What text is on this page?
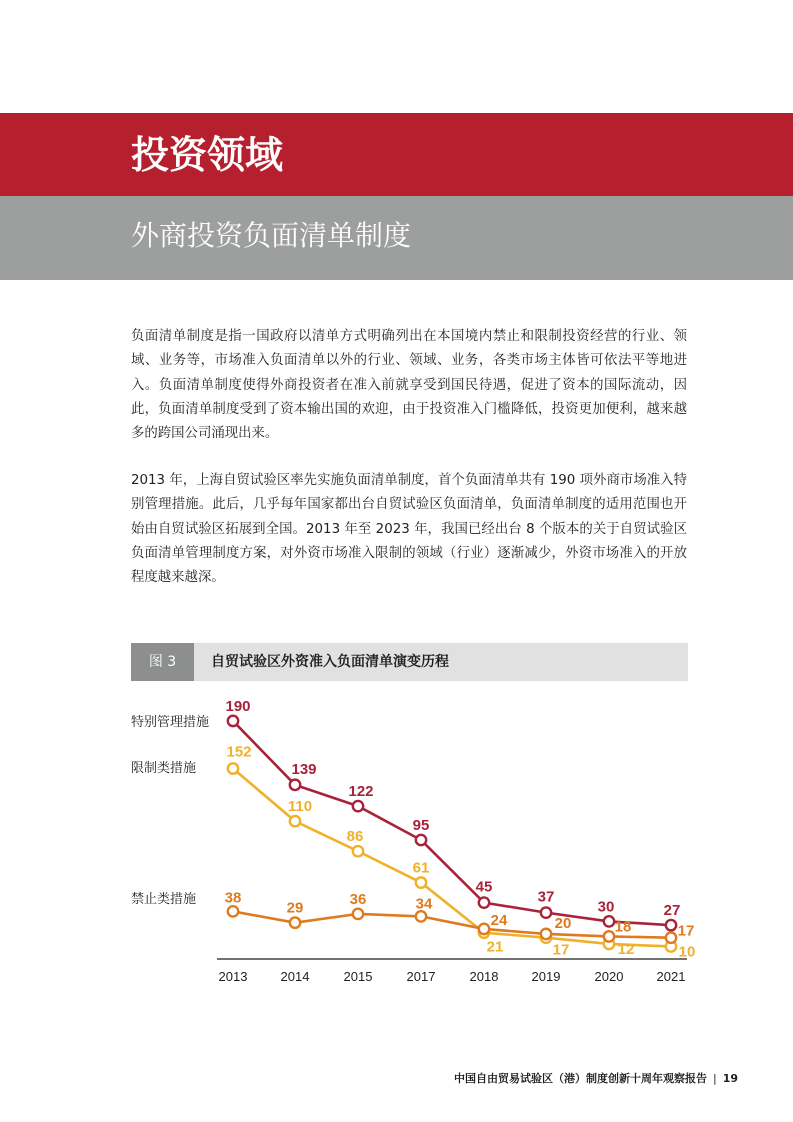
投资领域
外商投资负面清单制度

负面清单制度是指一国政府以清单方式明确列出在本国境内禁止和限制投资经营的行业、领域、业务等，市场准入负面清单以外的行业、领域、业务，各类市场主体皆可依法平等地进入。负面清单制度使得外商投资者在准入前就享受到国民待遇，促进了资本的国际流动，因此，负面清单制度受到了资本输出国的欢迎，由于投资准入门槛降低，投资更加便利，越来越多的跨国公司涌现出来。

2013 年，上海自贸试验区率先实施负面清单制度，首个负面清单共有 190 项外商市场准入特别管理措施。此后，几乎每年国家都出台自贸试验区负面清单，负面清单制度的适用范围也开始由自贸试验区拓展到全国。2013 年至 2023 年，我国已经出台 8 个版本的关于自贸试验区负面清单管理制度方案，对外资市场准入限制的领域（行业）逐渐减少，外资市场准入的开放程度越来越深。

图 3	自贸试验区外资准入负面清单演变历程
2013	2014	2015	2017	2018	2019	2020	2021
190
139
122
95
45
37
30	27
特别管理措施
152
110
86
61
21	17	12	10
限制类措施
38
29
36	34
24	20	18	17
禁止类措施
中国自由贸易试验区（港）制度创新十周年观察报告 | 19
